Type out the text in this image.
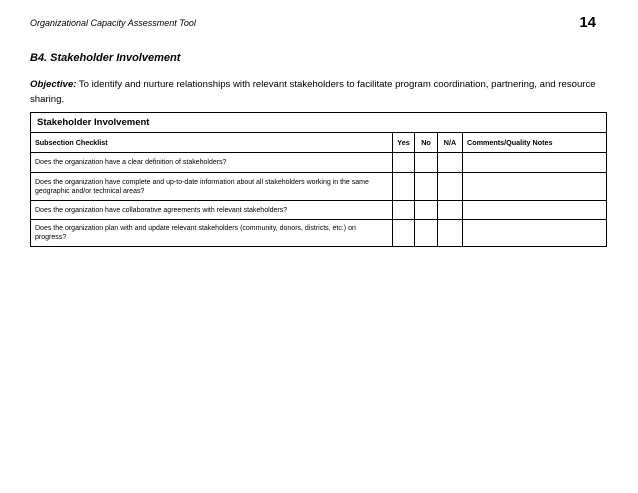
Organizational Capacity Assessment Tool	14
B4. Stakeholder Involvement
Objective: To identify and nurture relationships with relevant stakeholders to facilitate program coordination, partnering, and resource sharing.
Stakeholder Involvement				
Subsection Checklist	Yes	No	N/A	Comments/Quality Notes
Does the organization have a clear definition of stakeholders?				
Does the organization have complete and up-to-date information about all stakeholders working in the same geographic and/or technical areas?				
Does the organization have collaborative agreements with relevant stakeholders?				
Does the organization plan with and update relevant stakeholders (community, donors, districts, etc.) on progress?				
